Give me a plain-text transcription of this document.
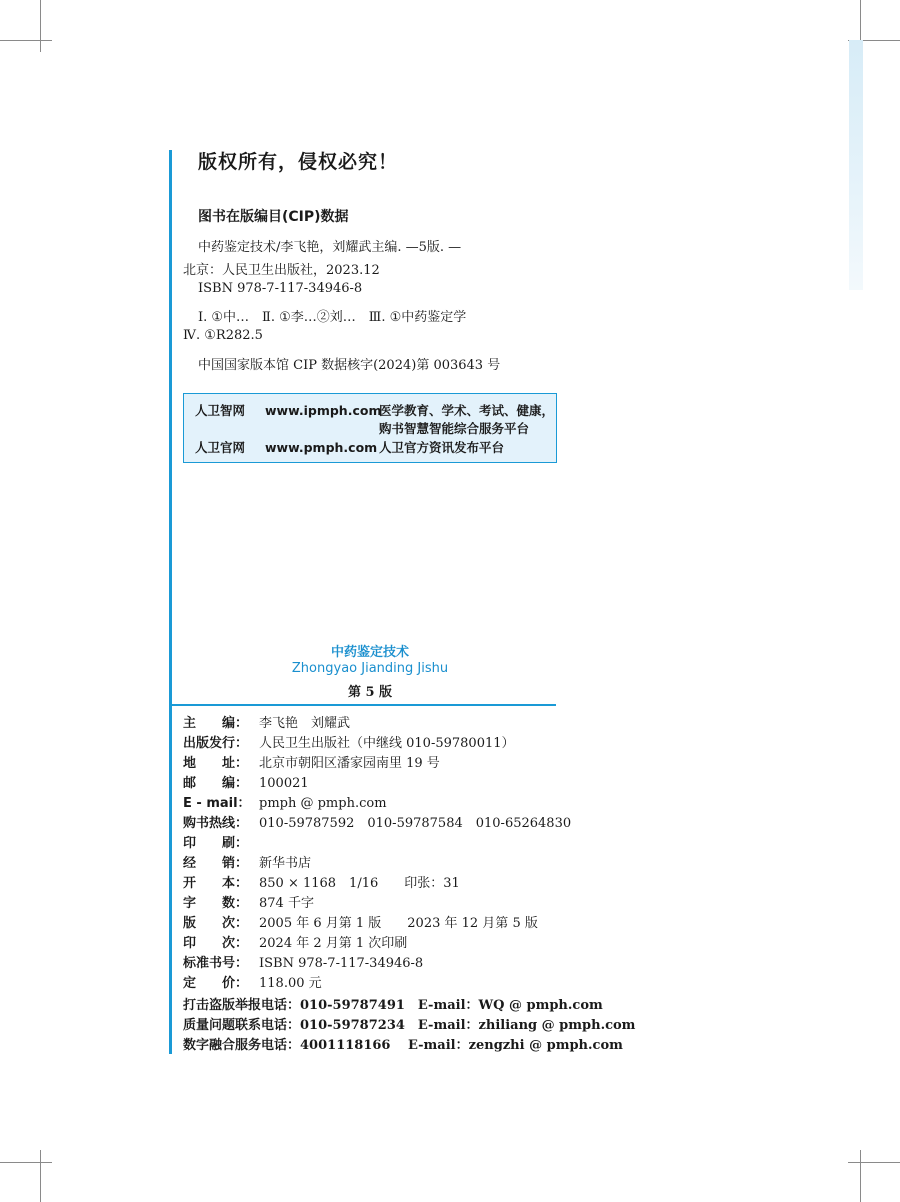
版权所有，侵权必究！
图书在版编目(CIP)数据
中药鉴定技术/李飞艳，刘耀武主编. —5版. —
北京：人民卫生出版社，2023.12
ISBN 978-7-117-34946-8
Ⅰ. ①中…　Ⅱ. ①李…②刘…　Ⅲ. ①中药鉴定学
Ⅳ. ①R282.5
中国国家版本馆 CIP 数据核字(2024)第 003643 号
人卫智网 www.ipmph.com
医学教育、学术、考试、健康，
购书智慧智能综合服务平台
人卫官网 www.pmph.com 人卫官方资讯发布平台
中药鉴定技术
Zhongyao Jianding Jishu
第 5 版
主　　编： 李飞艳　刘耀武
出版发行： 人民卫生出版社（中继线 010-59780011）
地　　址： 北京市朝阳区潘家园南里 19 号
邮　　编： 100021
E - mail： pmph @ pmph.com
购书热线： 010-59787592　010-59787584　010-65264830
印　　刷：
经　　销： 新华书店
开　　本： 850 × 1168　1/16　　印张：31
字　　数： 874 千字
版　　次： 2005 年 6 月第 1 版　　2023 年 12 月第 5 版
印　　次： 2024 年 2 月第 1 次印刷
标准书号： ISBN 978-7-117-34946-8
定　　价： 118.00 元
打击盗版举报电话：010-59787491　E-mail：WQ @ pmph.com
质量问题联系电话：010-59787234　E-mail：zhiliang @ pmph.com
数字融合服务电话：4001118166　 E-mail：zengzhi @ pmph.com
